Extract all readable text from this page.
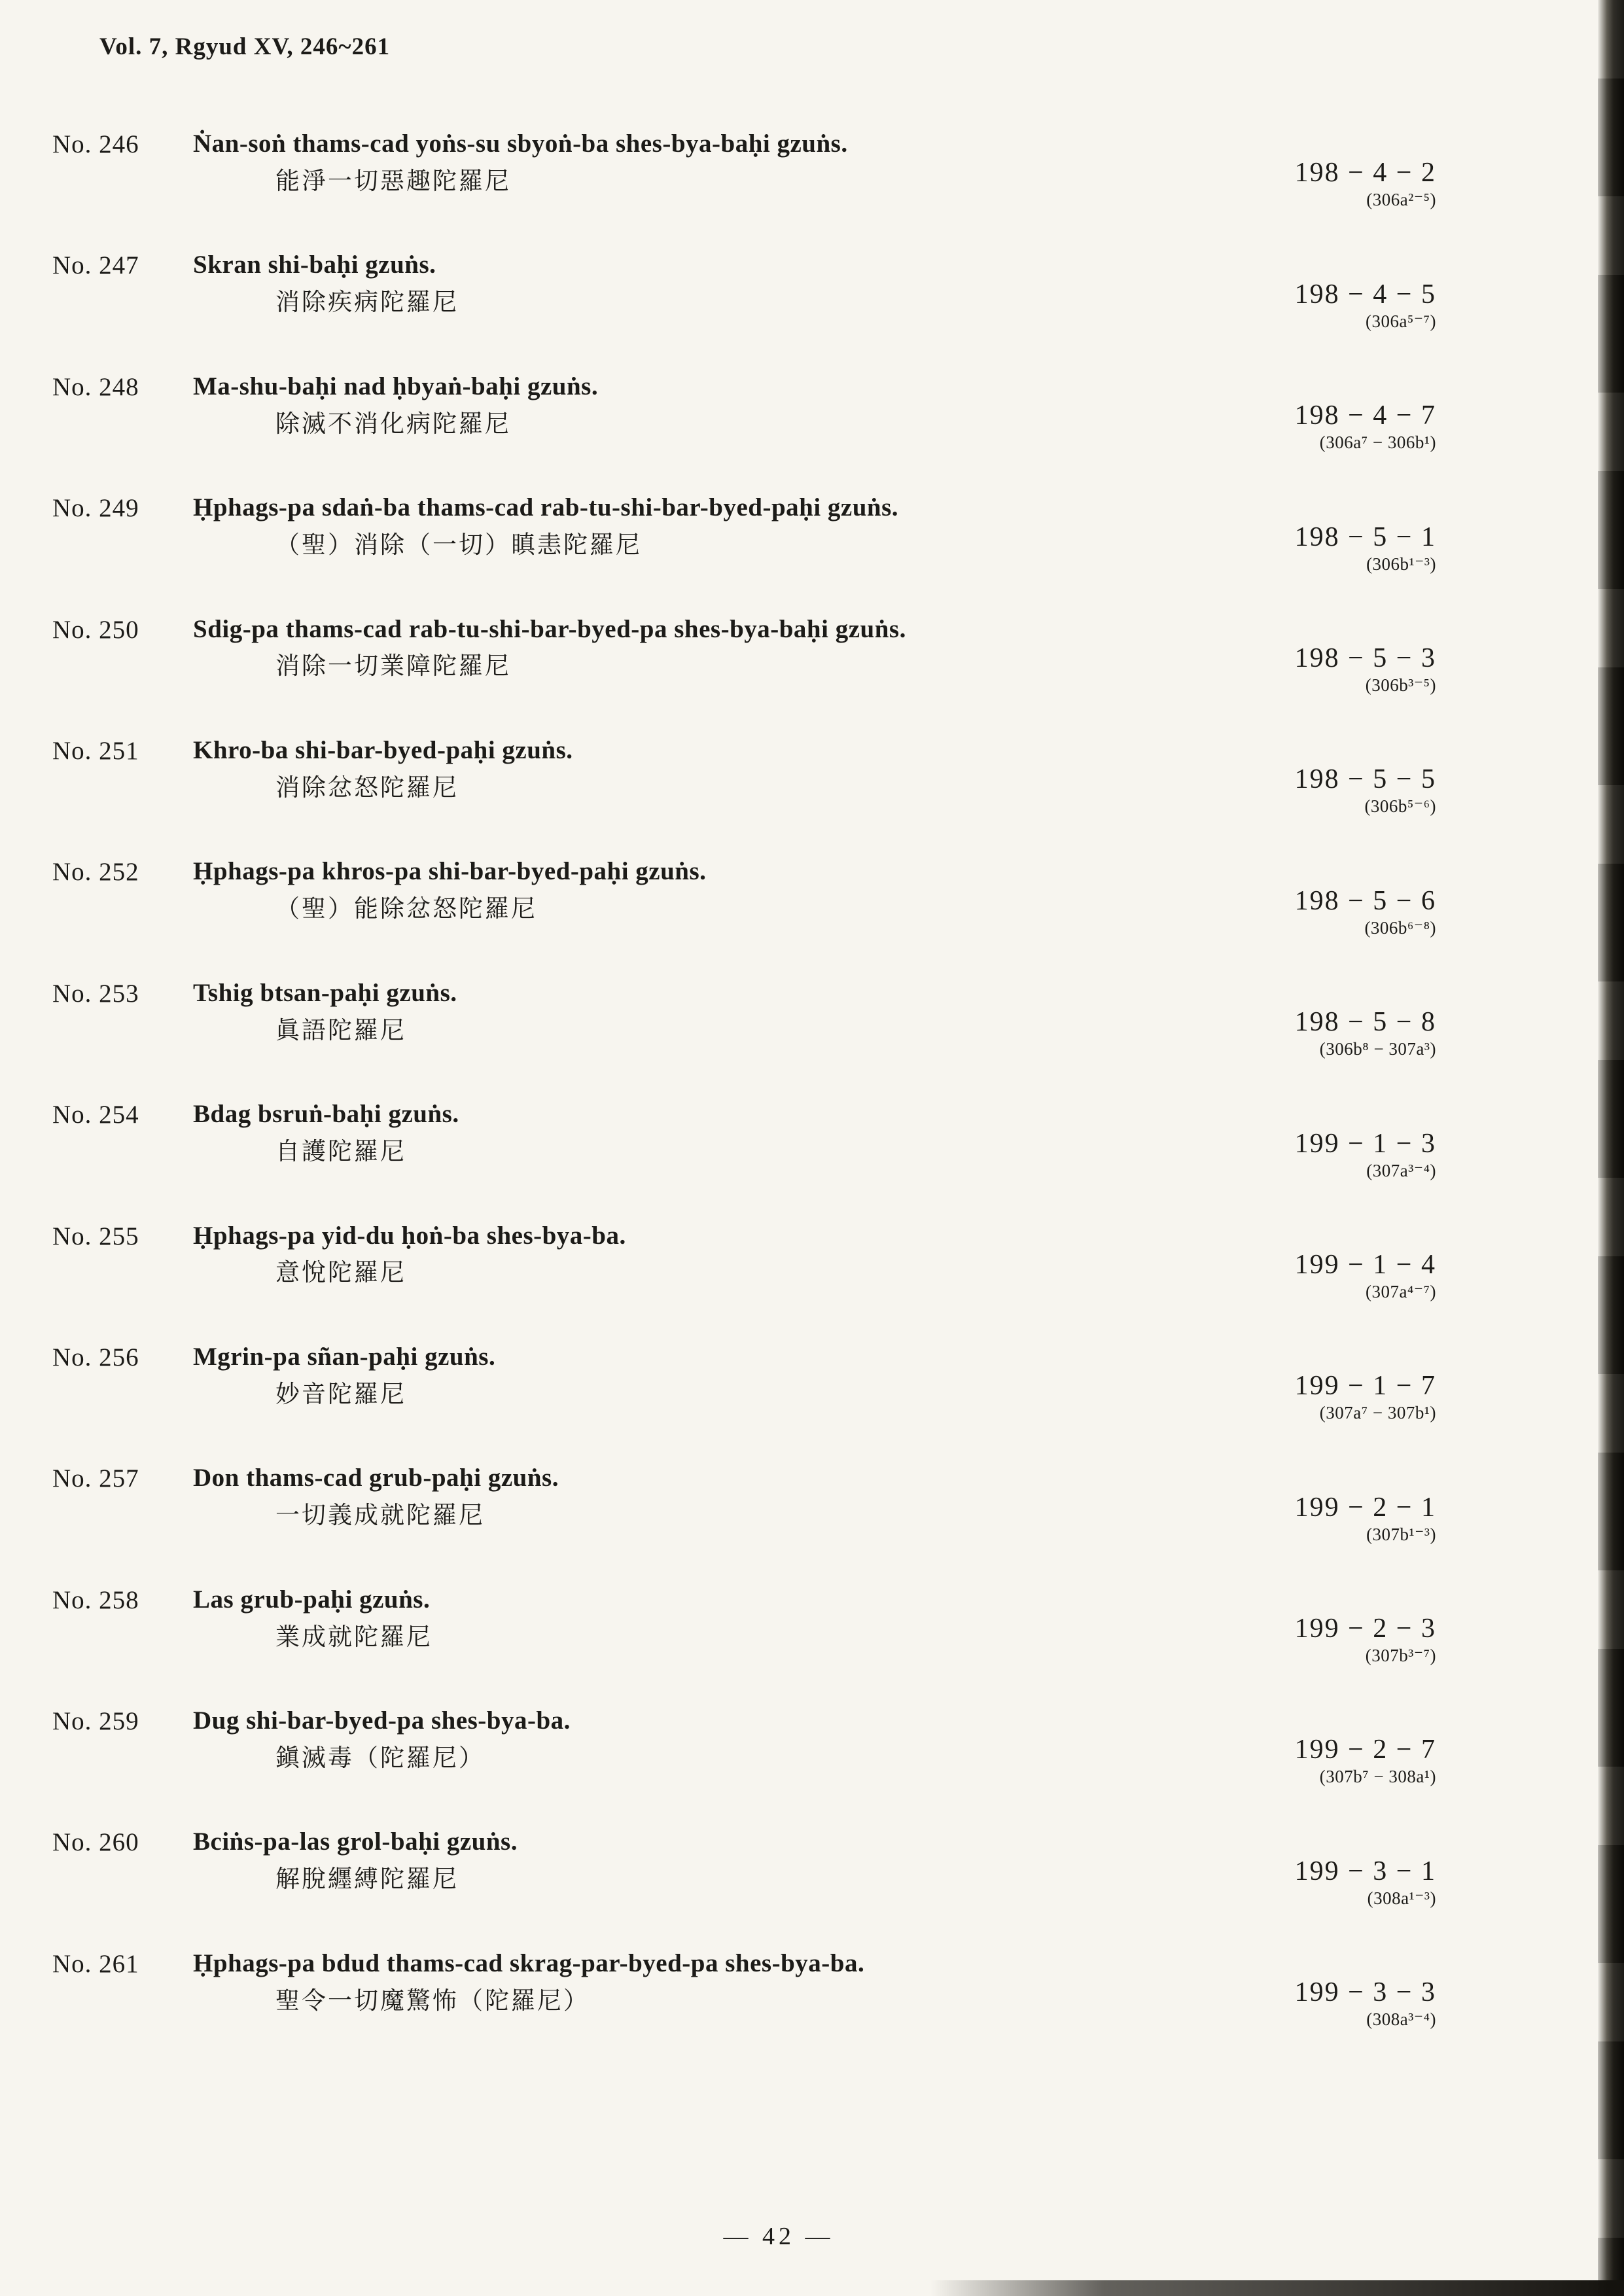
Vol. 7, Rgyud XV, 246~261
No. 246	Ṅan-soṅ thams-cad yoṅs-su sbyoṅ-ba shes-bya-baḥi gzuṅs.
能淨一切惡趣陀羅尼	198 − 4 − 2
(306a²⁻⁵)
No. 247	Skran shi-baḥi gzuṅs.
消除疾病陀羅尼	198 − 4 − 5
(306a⁵⁻⁷)
No. 248	Ma-shu-baḥi nad ḥbyaṅ-baḥi gzuṅs.
除滅不消化病陀羅尼	198 − 4 − 7
(306a⁷ − 306b¹)
No. 249	Ḥphags-pa sdaṅ-ba thams-cad rab-tu-shi-bar-byed-paḥi gzuṅs.
（聖）消除（一切）瞋恚陀羅尼	198 − 5 − 1
(306b¹⁻³)
No. 250	Sdig-pa thams-cad rab-tu-shi-bar-byed-pa shes-bya-baḥi gzuṅs.
消除一切業障陀羅尼	198 − 5 − 3
(306b³⁻⁵)
No. 251	Khro-ba shi-bar-byed-paḥi gzuṅs.
消除忿怒陀羅尼	198 − 5 − 5
(306b⁵⁻⁶)
No. 252	Ḥphags-pa khros-pa shi-bar-byed-paḥi gzuṅs.
（聖）能除忿怒陀羅尼	198 − 5 − 6
(306b⁶⁻⁸)
No. 253	Tshig btsan-paḥi gzuṅs.
眞語陀羅尼	198 − 5 − 8
(306b⁸ − 307a³)
No. 254	Bdag bsruṅ-baḥi gzuṅs.
自護陀羅尼	199 − 1 − 3
(307a³⁻⁴)
No. 255	Ḥphags-pa yid-du ḥoṅ-ba shes-bya-ba.
意悅陀羅尼	199 − 1 − 4
(307a⁴⁻⁷)
No. 256	Mgrin-pa sñan-paḥi gzuṅs.
妙音陀羅尼	199 − 1 − 7
(307a⁷ − 307b¹)
No. 257	Don thams-cad grub-paḥi gzuṅs.
一切義成就陀羅尼	199 − 2 − 1
(307b¹⁻³)
No. 258	Las grub-paḥi gzuṅs.
業成就陀羅尼	199 − 2 − 3
(307b³⁻⁷)
No. 259	Dug shi-bar-byed-pa shes-bya-ba.
鎭滅毒（陀羅尼）	199 − 2 − 7
(307b⁷ − 308a¹)
No. 260	Bciṅs-pa-las grol-baḥi gzuṅs.
解脫纒縛陀羅尼	199 − 3 − 1
(308a¹⁻³)
No. 261	Ḥphags-pa bdud thams-cad skrag-par-byed-pa shes-bya-ba.
聖令一切魔驚怖（陀羅尼）	199 − 3 − 3
(308a³⁻⁴)
— 42 —
